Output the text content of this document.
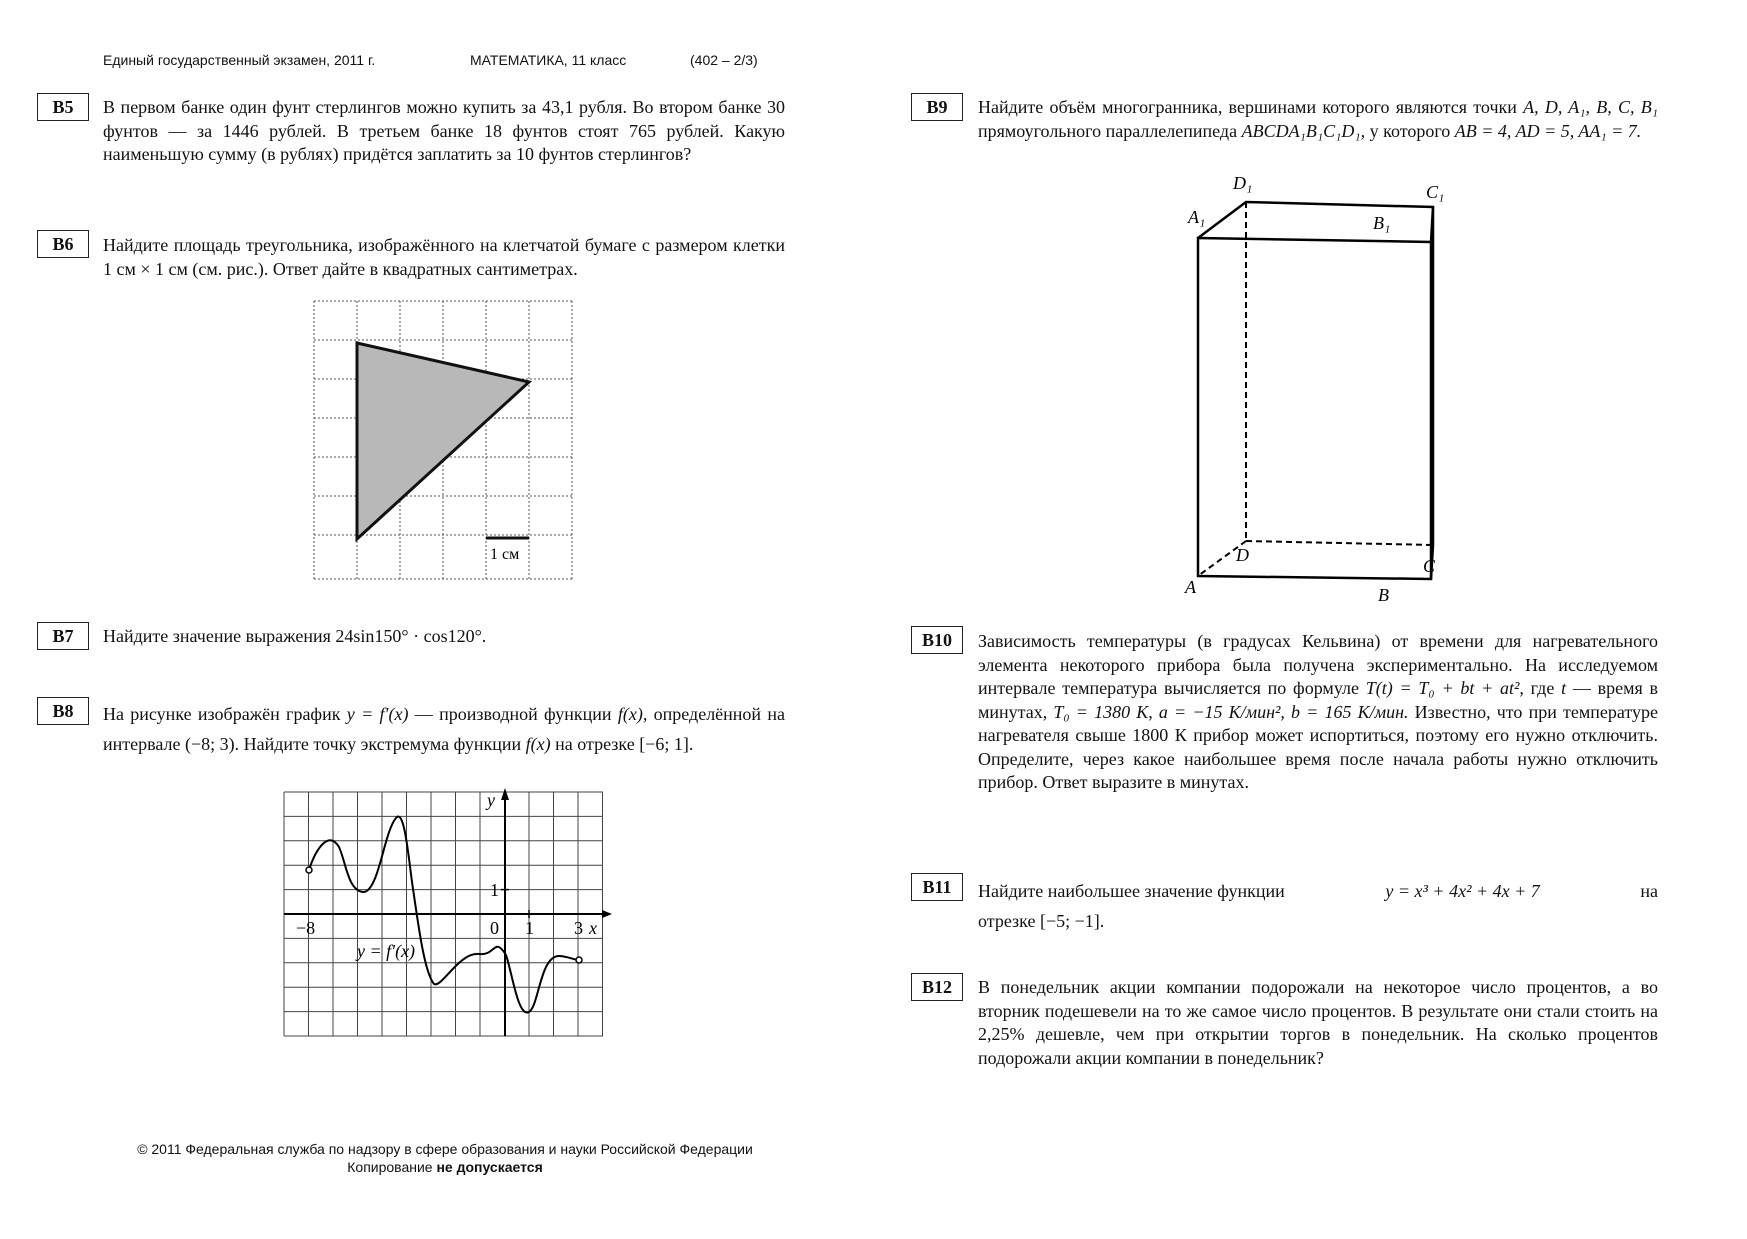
Единый государственный экзамен, 2011 г.	МАТЕМАТИКА, 11 класс	(402 – 2/3)
B5	В первом банке один фунт стерлингов можно купить за 43,1 рубля. Во втором банке 30 фунтов — за 1446 рублей. В третьем банке 18 фунтов стоят 765 рублей. Какую наименьшую сумму (в рублях) придётся заплатить за 10 фунтов стерлингов?
B6	Найдите площадь треугольника, изображённого на клетчатой бумаге с размером клетки 1 см × 1 см (см. рис.). Ответ дайте в квадратных сантиметрах.
1 см
B7	Найдите значение выражения 24sin150° · cos120°.
B8	На рисунке изображён график y = f′(x) — производной функции f(x), определённой на интервале (−8; 3). Найдите точку экстремума функции f(x) на отрезке [−6; 1].
y
x
−8	0 1 3
1
y = f′(x)
B9	Найдите объём многогранника, вершинами которого являются точки A, D, A₁, B, C, B₁ прямоугольного параллелепипеда ABCDA₁B₁C₁D₁, у которого AB = 4, AD = 5, AA₁ = 7.
A	B
C
D
A₁	B₁
C₁
D₁
B10	Зависимость температуры (в градусах Кельвина) от времени для нагревательного элемента некоторого прибора была получена экспериментально. На исследуемом интервале температура вычисляется по формуле T(t) = T₀ + bt + at², где t — время в минутах, T₀ = 1380 К, a = −15 К/мин², b = 165 К/мин. Известно, что при температуре нагревателя свыше 1800 К прибор может испортиться, поэтому его нужно отключить. Определите, через какое наибольшее время после начала работы нужно отключить прибор. Ответ выразите в минутах.
B11	Найдите наибольшее значение функции	y = x³ + 4x² + 4x + 7	на
отрезке [−5; −1].
B12	В понедельник акции компании подорожали на некоторое число процентов, а во вторник подешевели на то же самое число процентов. В результате они стали стоить на 2,25% дешевле, чем при открытии торгов в понедельник. На сколько процентов подорожали акции компании в понедельник?
© 2011 Федеральная служба по надзору в сфере образования и науки Российской Федерации
Копирование не допускается
